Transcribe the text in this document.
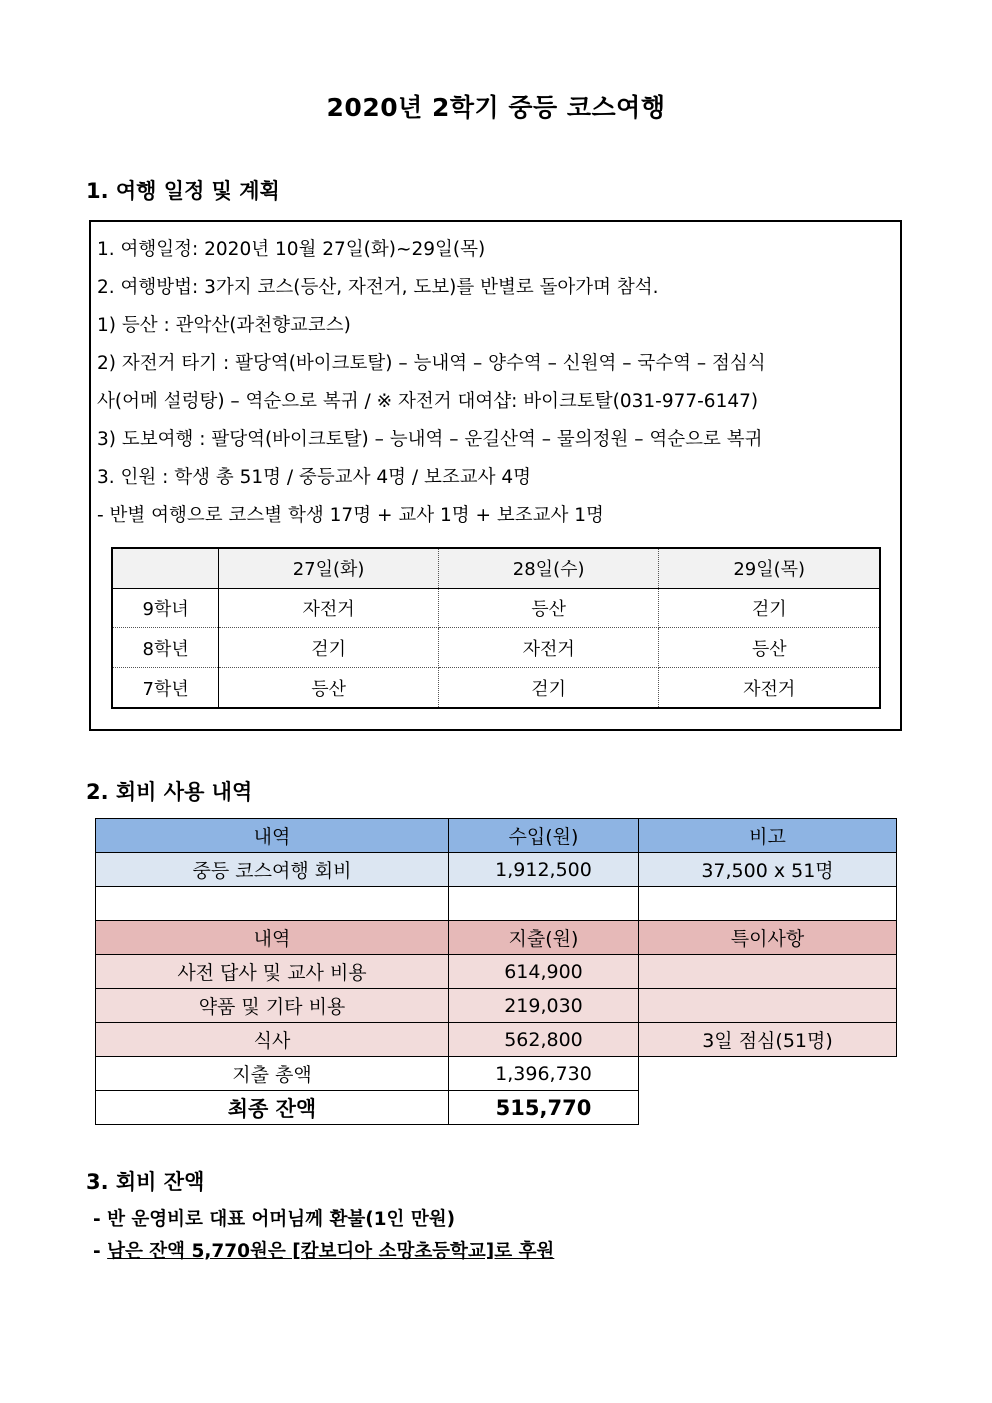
2020년 2학기 중등 코스여행
1. 여행 일정 및 계획
1. 여행일정: 2020년 10월 27일(화)~29일(목)
2. 여행방법: 3가지 코스(등산, 자전거, 도보)를 반별로 돌아가며 참석.
1) 등산 : 관악산(과천향교코스)
2) 자전거 타기 : 팔당역(바이크토탈) – 능내역 – 양수역 – 신원역 – 국수역 – 점심식
사(어메 설렁탕) – 역순으로 복귀 / ※ 자전거 대여샵: 바이크토탈(031-977-6147)
3) 도보여행 : 팔당역(바이크토탈) – 능내역 – 운길산역 – 물의정원 – 역순으로 복귀
3. 인원 : 학생 총 51명 / 중등교사 4명 / 보조교사 4명
- 반별 여행으로 코스별 학생 17명 + 교사 1명 + 보조교사 1명
	27일(화)	28일(수)	29일(목)
9학녀	자전거	등산	걷기
8학년	걷기	자전거	등산
7학년	등산	걷기	자전거
2. 회비 사용 내역
내역	수입(원)	비고
중등 코스여행 회비	1,912,500	37,500 x 51명

내역	지출(원)	특이사항
사전 답사 및 교사 비용	614,900	
약품 및 기타 비용	219,030	
식사	562,800	3일 점심(51명)
지출 총액	1,396,730	
최종 잔액	515,770	
3. 회비 잔액
- 반 운영비로 대표 어머님께 환불(1인 만원)
- 남은 잔액 5,770원은 [캄보디아 소망초등학교]로 후원
